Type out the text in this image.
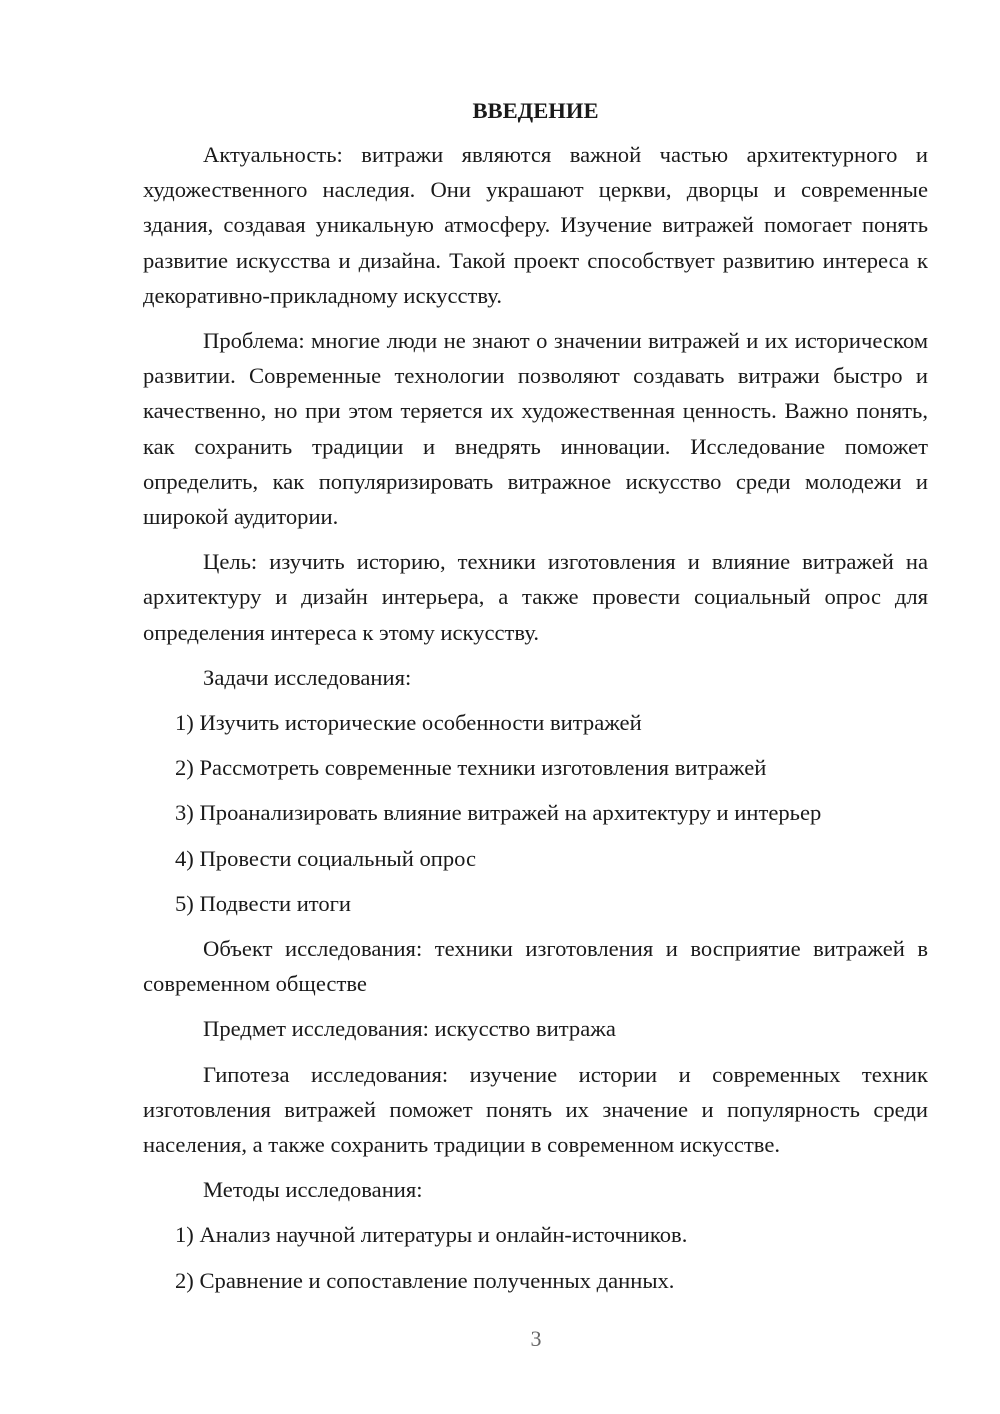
ВВЕДЕНИЕ

Актуальность: витражи являются важной частью архитектурного и художественного наследия. Они украшают церкви, дворцы и современные здания, создавая уникальную атмосферу. Изучение витражей помогает понять развитие искусства и дизайна. Такой проект способствует развитию интереса к декоративно-прикладному искусству.

Проблема: многие люди не знают о значении витражей и их историческом развитии. Современные технологии позволяют создавать витражи быстро и качественно, но при этом теряется их художественная ценность. Важно понять, как сохранить традиции и внедрять инновации. Исследование поможет определить, как популяризировать витражное искусство среди молодежи и широкой аудитории.

Цель: изучить историю, техники изготовления и влияние витражей на архитектуру и дизайн интерьера, а также провести социальный опрос для определения интереса к этому искусству.

Задачи исследования:

1) Изучить исторические особенности витражей
2) Рассмотреть современные техники изготовления витражей
3) Проанализировать влияние витражей на архитектуру и интерьер
4) Провести социальный опрос
5) Подвести итоги

Объект исследования: техники изготовления и восприятие витражей в современном обществе

Предмет исследования: искусство витража

Гипотеза исследования: изучение истории и современных техник изготовления витражей поможет понять их значение и популярность среди населения, а также сохранить традиции в современном искусстве.

Методы исследования:

1) Анализ научной литературы и онлайн-источников.
2) Сравнение и сопоставление полученных данных.
3
